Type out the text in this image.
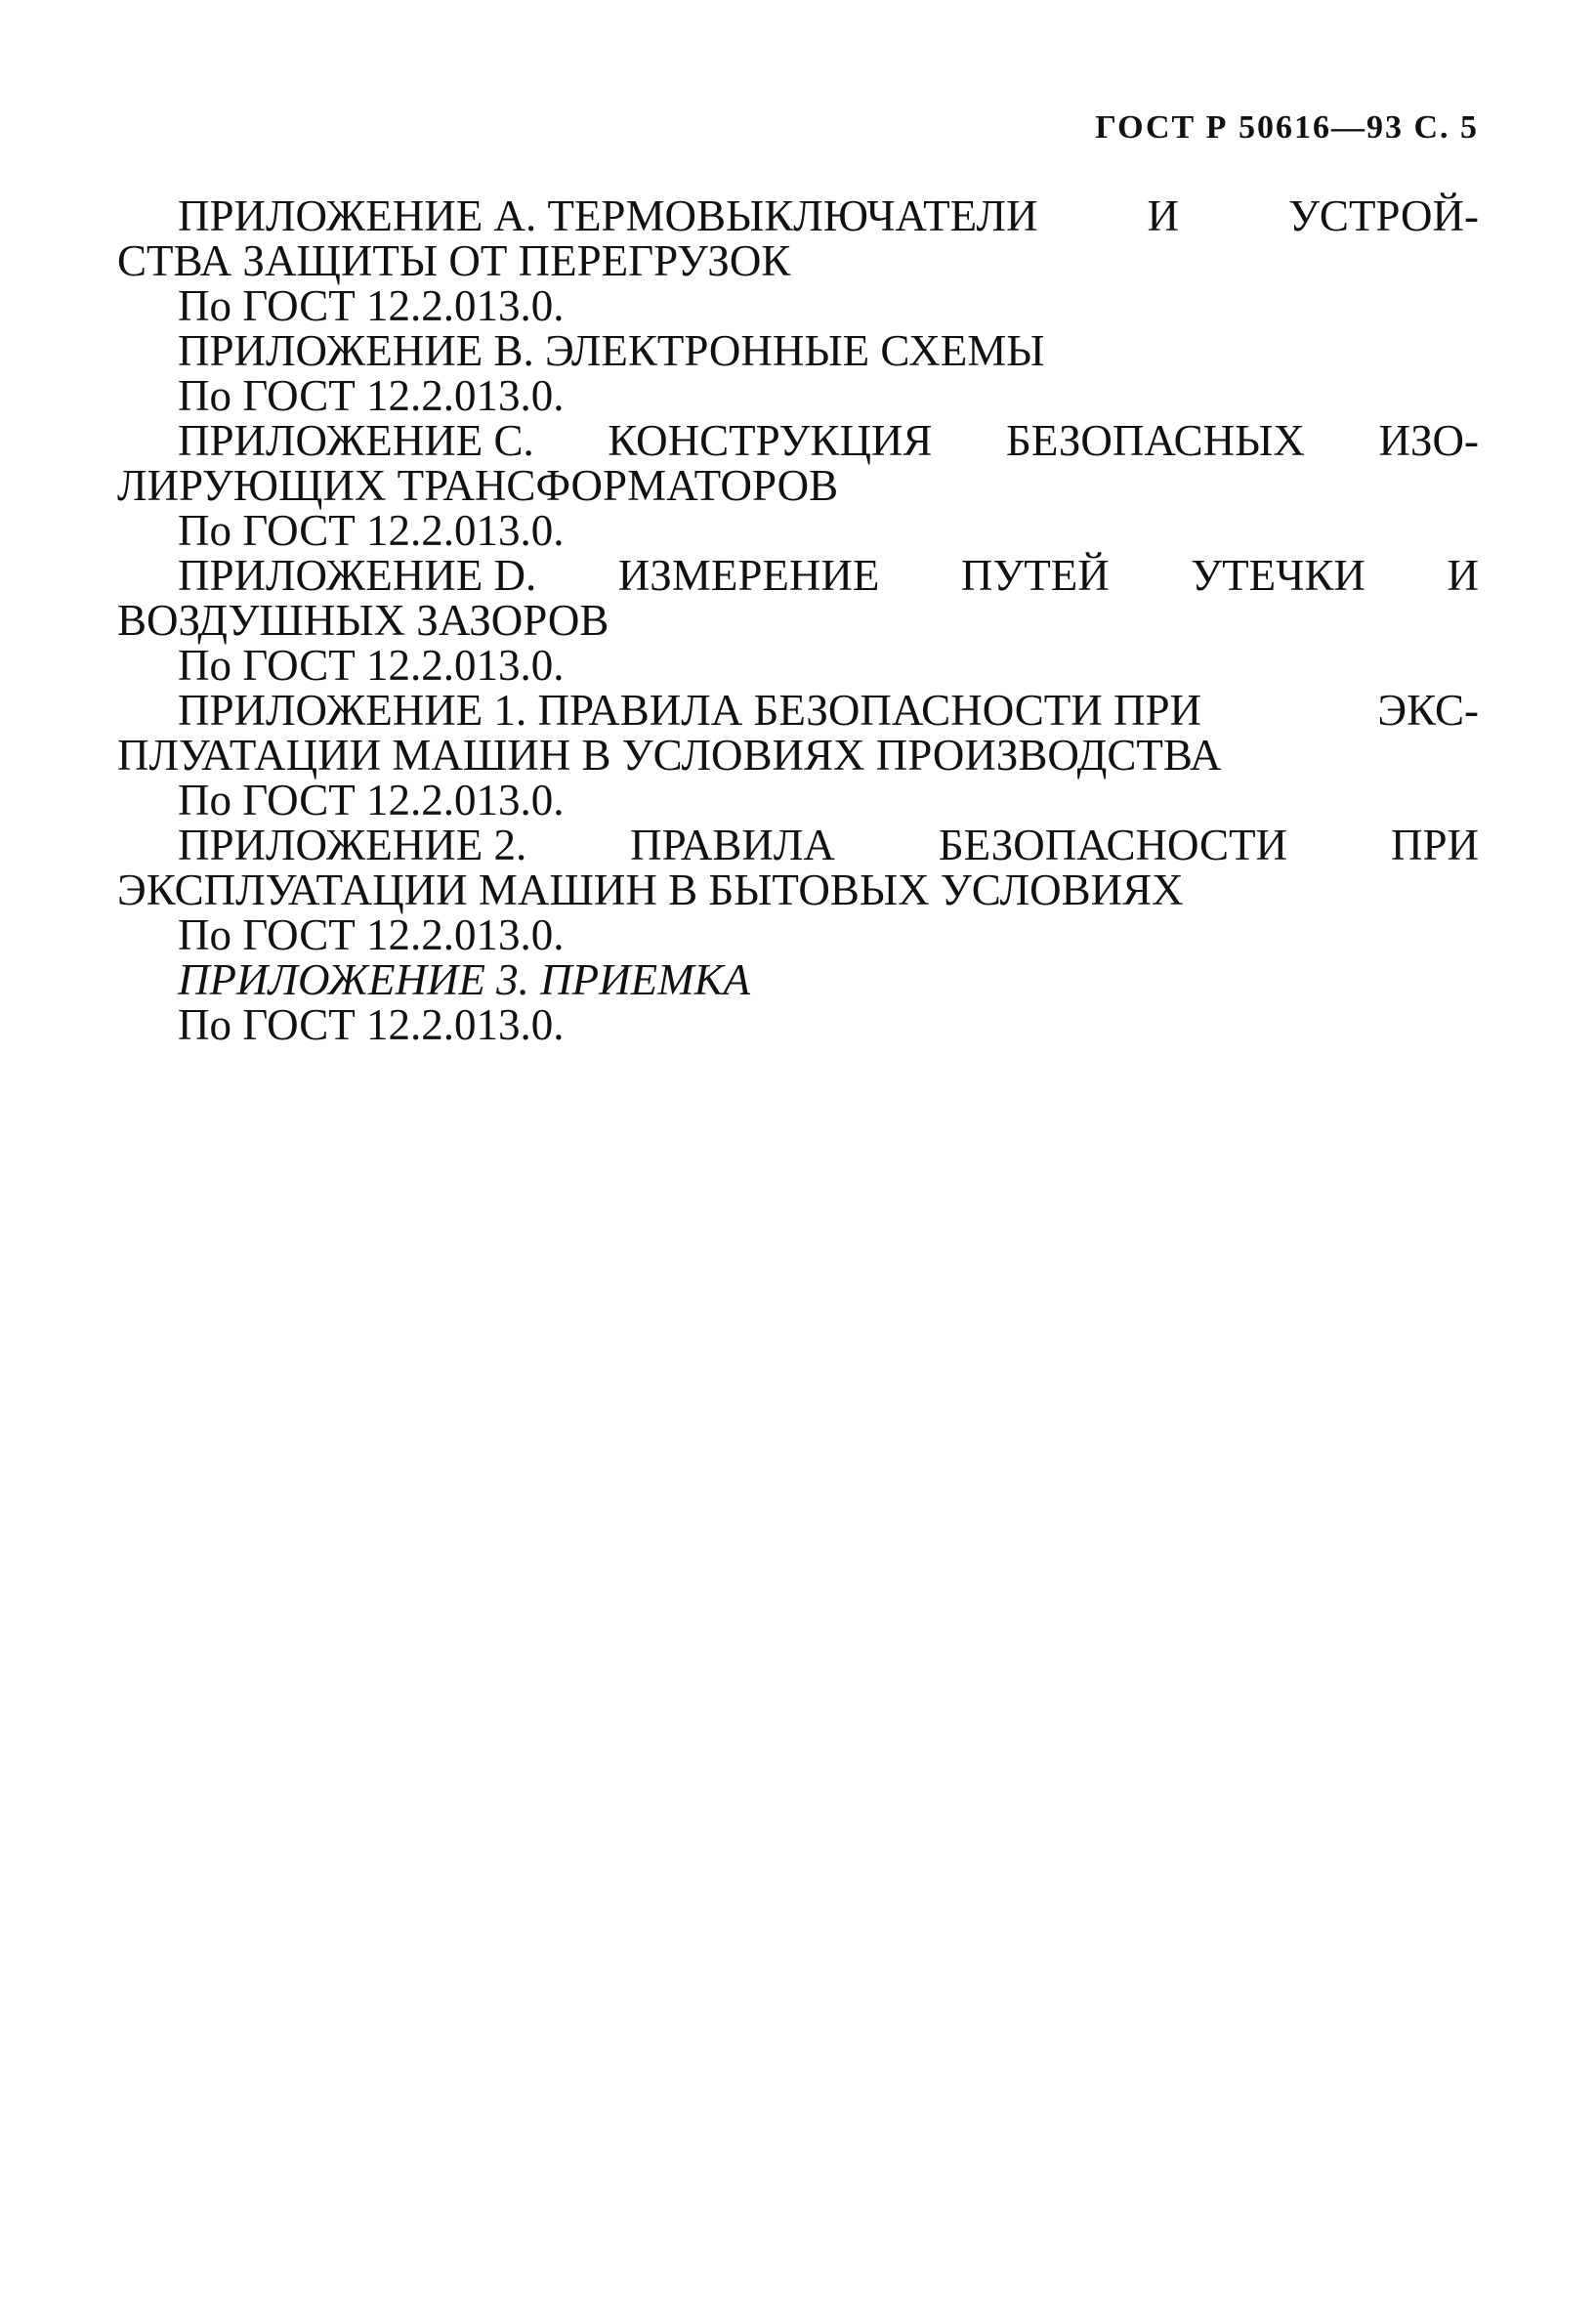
ГОСТ Р 50616—93 С. 5
ПРИЛОЖЕНИЕ А. ТЕРМОВЫКЛЮЧАТЕЛИ И УСТРОЙ-
СТВА ЗАЩИТЫ ОТ ПЕРЕГРУЗОК
По ГОСТ 12.2.013.0.
ПРИЛОЖЕНИЕ В. ЭЛЕКТРОННЫЕ СХЕМЫ
По ГОСТ 12.2.013.0.
ПРИЛОЖЕНИЕ С. КОНСТРУКЦИЯ БЕЗОПАСНЫХ ИЗО-
ЛИРУЮЩИХ ТРАНСФОРМАТОРОВ
По ГОСТ 12.2.013.0.
ПРИЛОЖЕНИЕ D. ИЗМЕРЕНИЕ ПУТЕЙ УТЕЧКИ И
ВОЗДУШНЫХ ЗАЗОРОВ
По ГОСТ 12.2.013.0.
ПРИЛОЖЕНИЕ 1. ПРАВИЛА БЕЗОПАСНОСТИ ПРИ	ЭКС-
ПЛУАТАЦИИ МАШИН В УСЛОВИЯХ ПРОИЗВОДСТВА
По ГОСТ 12.2.013.0.
ПРИЛОЖЕНИЕ 2. ПРАВИЛА БЕЗОПАСНОСТИ ПРИ
ЭКСПЛУАТАЦИИ МАШИН В БЫТОВЫХ УСЛОВИЯХ
По ГОСТ 12.2.013.0.
ПРИЛОЖЕНИЕ 3. ПРИЕМКА
По ГОСТ 12.2.013.0.
